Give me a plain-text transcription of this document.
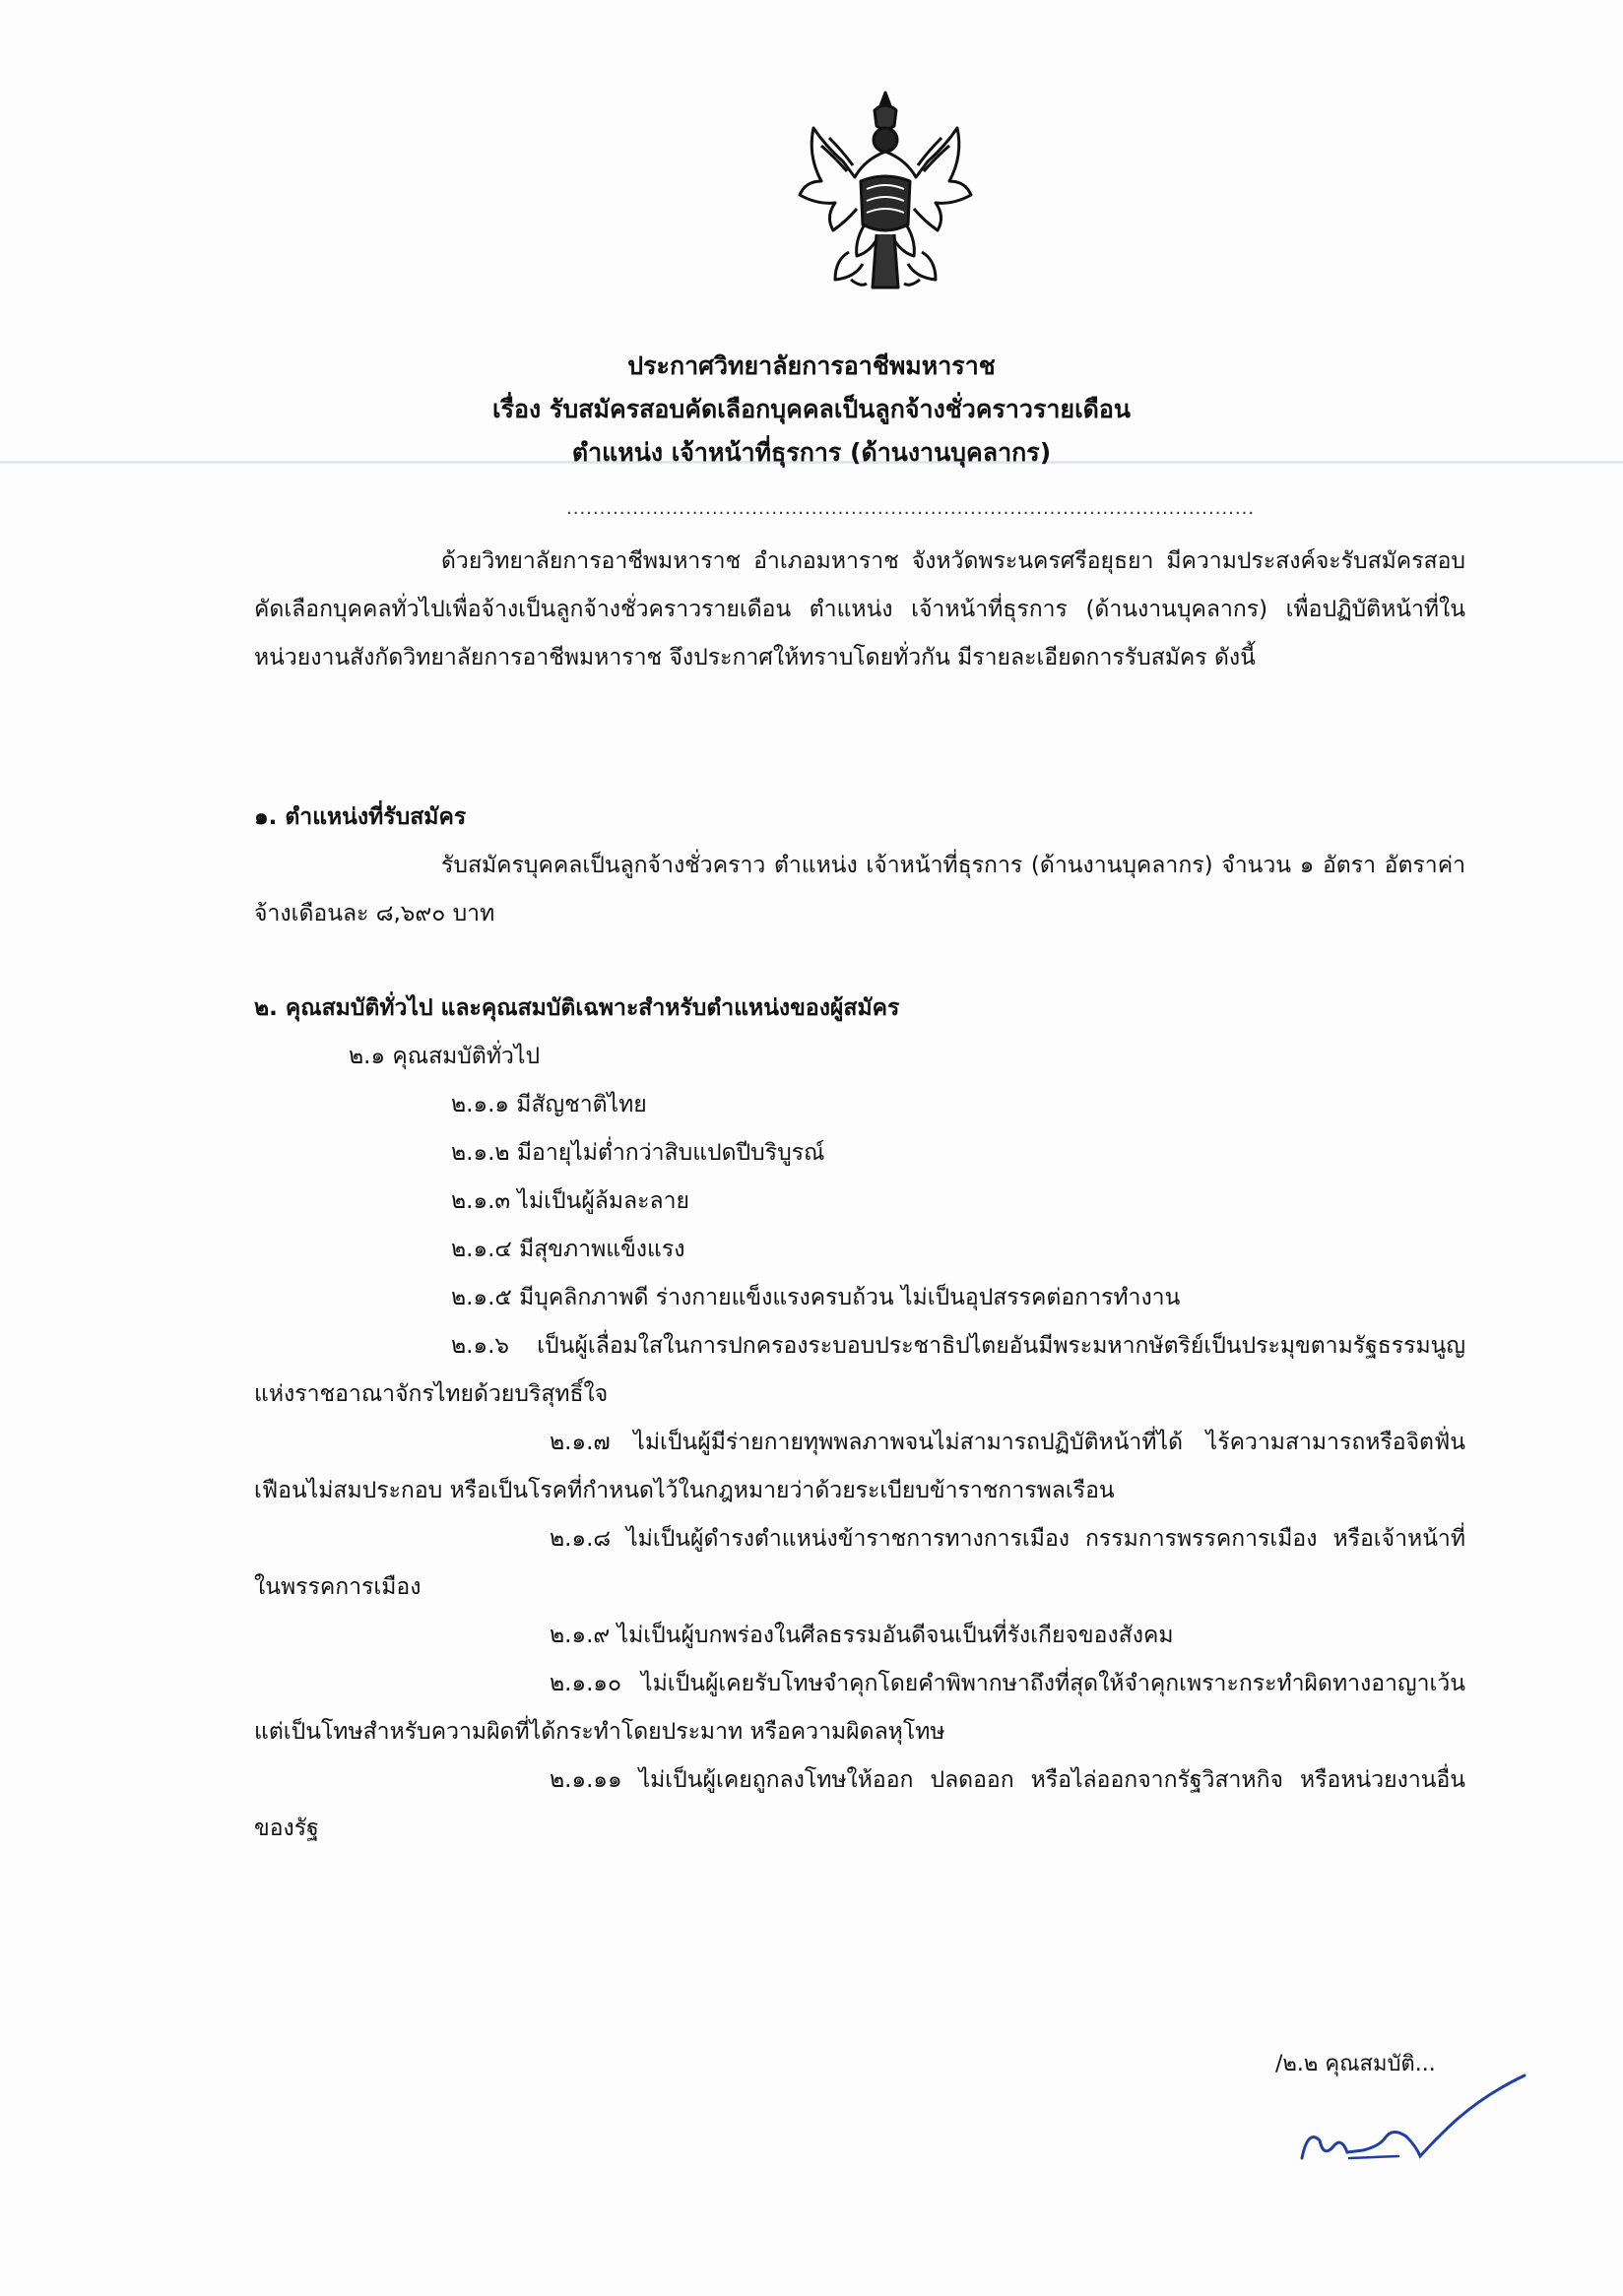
ประกาศวิทยาลัยการอาชีพมหาราช
เรื่อง รับสมัครสอบคัดเลือกบุคคลเป็นลูกจ้างชั่วคราวรายเดือน
ตำแหน่ง เจ้าหน้าที่ธุรการ (ด้านงานบุคลากร)
........................................................................................................
ด้วยวิทยาลัยการอาชีพมหาราช อำเภอมหาราช จังหวัดพระนครศรีอยุธยา มีความประสงค์จะรับสมัครสอบคัดเลือกบุคคลทั่วไปเพื่อจ้างเป็นลูกจ้างชั่วคราวรายเดือน ตำแหน่ง เจ้าหน้าที่ธุรการ (ด้านงานบุคลากร) เพื่อปฏิบัติหน้าที่ในหน่วยงานสังกัดวิทยาลัยการอาชีพมหาราช จึงประกาศให้ทราบโดยทั่วกัน มีรายละเอียดการรับสมัคร ดังนี้
๑. ตำแหน่งที่รับสมัคร
รับสมัครบุคคลเป็นลูกจ้างชั่วคราว ตำแหน่ง เจ้าหน้าที่ธุรการ (ด้านงานบุคลากร) จำนวน ๑ อัตรา อัตราค่าจ้างเดือนละ ๘,๖๙๐ บาท
๒. คุณสมบัติทั่วไป และคุณสมบัติเฉพาะสำหรับตำแหน่งของผู้สมัคร
๒.๑ คุณสมบัติทั่วไป
๒.๑.๑ มีสัญชาติไทย
๒.๑.๒ มีอายุไม่ต่ำกว่าสิบแปดปีบริบูรณ์
๒.๑.๓ ไม่เป็นผู้ล้มละลาย
๒.๑.๔ มีสุขภาพแข็งแรง
๒.๑.๕ มีบุคลิกภาพดี ร่างกายแข็งแรงครบถ้วน ไม่เป็นอุปสรรคต่อการทำงาน
๒.๑.๖ เป็นผู้เลื่อมใสในการปกครองระบอบประชาธิปไตยอันมีพระมหากษัตริย์เป็นประมุขตามรัฐธรรมนูญแห่งราชอาณาจักรไทยด้วยบริสุทธิ์ใจ
๒.๑.๗ ไม่เป็นผู้มีร่ายกายทุพพลภาพจนไม่สามารถปฏิบัติหน้าที่ได้ ไร้ความสามารถหรือจิตฟั่นเฟือนไม่สมประกอบ หรือเป็นโรคที่กำหนดไว้ในกฎหมายว่าด้วยระเบียบข้าราชการพลเรือน
๒.๑.๘ ไม่เป็นผู้ดำรงตำแหน่งข้าราชการทางการเมือง กรรมการพรรคการเมือง หรือเจ้าหน้าที่ในพรรคการเมือง
๒.๑.๙ ไม่เป็นผู้บกพร่องในศีลธรรมอันดีจนเป็นที่รังเกียจของสังคม
๒.๑.๑๐ ไม่เป็นผู้เคยรับโทษจำคุกโดยคำพิพากษาถึงที่สุดให้จำคุกเพราะกระทำผิดทางอาญาเว้นแต่เป็นโทษสำหรับความผิดที่ได้กระทำโดยประมาท หรือความผิดลหุโทษ
๒.๑.๑๑ ไม่เป็นผู้เคยถูกลงโทษให้ออก ปลดออก หรือไล่ออกจากรัฐวิสาหกิจ หรือหน่วยงานอื่นของรัฐ
/๒.๒ คุณสมบัติ...
